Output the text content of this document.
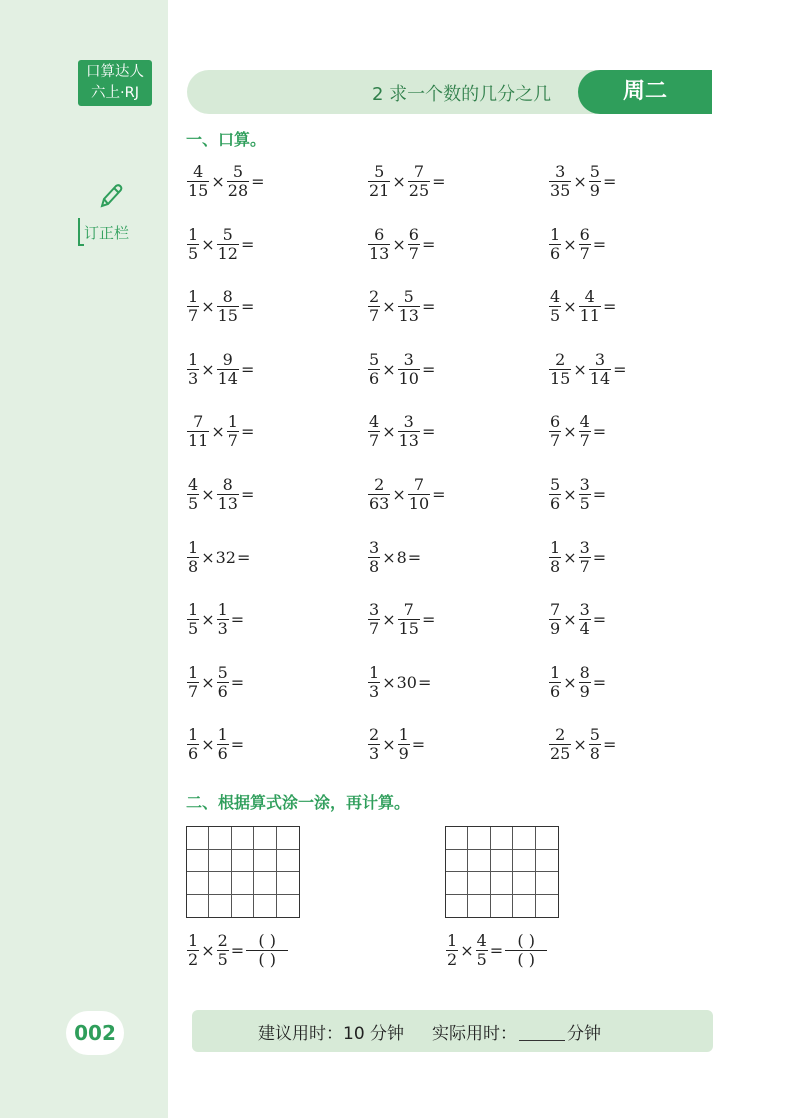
口算达人
六上·RJ
订正栏
002
2 求一个数的几分之几	周二
一、口算。
$\frac{4}{15} \times \frac{5}{28}$ =	$\frac{5}{21} \times \frac{7}{25}$ =	$\frac{3}{35} \times \frac{5}{9}$ =
$\frac{1}{5} \times \frac{5}{12}$ =	$\frac{6}{13} \times \frac{6}{7}$ =	$\frac{1}{6} \times \frac{6}{7}$ =
$\frac{1}{7} \times \frac{8}{15}$ =	$\frac{2}{7} \times \frac{5}{13}$ =	$\frac{4}{5} \times \frac{4}{11}$ =
$\frac{1}{3} \times \frac{9}{14}$ =	$\frac{5}{6} \times \frac{3}{10}$ =	$\frac{2}{15} \times \frac{3}{14}$ =
$\frac{7}{11} \times \frac{1}{7}$ =	$\frac{4}{7} \times \frac{3}{13}$ =	$\frac{6}{7} \times \frac{4}{7}$ =
$\frac{4}{5} \times \frac{8}{13}$ =	$\frac{2}{63} \times \frac{7}{10}$ =	$\frac{5}{6} \times \frac{3}{5}$ =
$\frac{1}{8} \times 32$ =	$\frac{3}{8} \times 8$ =	$\frac{1}{8} \times \frac{3}{7}$ =
$\frac{1}{5} \times \frac{1}{3}$ =	$\frac{3}{7} \times \frac{7}{15}$ =	$\frac{7}{9} \times \frac{3}{4}$ =
$\frac{1}{7} \times \frac{5}{6}$ =	$\frac{1}{3} \times 30$ =	$\frac{1}{6} \times \frac{8}{9}$ =
$\frac{1}{6} \times \frac{1}{6}$ =	$\frac{2}{3} \times \frac{1}{9}$ =	$\frac{2}{25} \times \frac{5}{8}$ =
二、根据算式涂一涂，再计算。
$\frac{1}{2} \times \frac{2}{5} = \frac{( )}{( )}$	$\frac{1}{2} \times \frac{4}{5} = \frac{( )}{( )}$
建议用时：10 分钟 实际用时：	分钟
